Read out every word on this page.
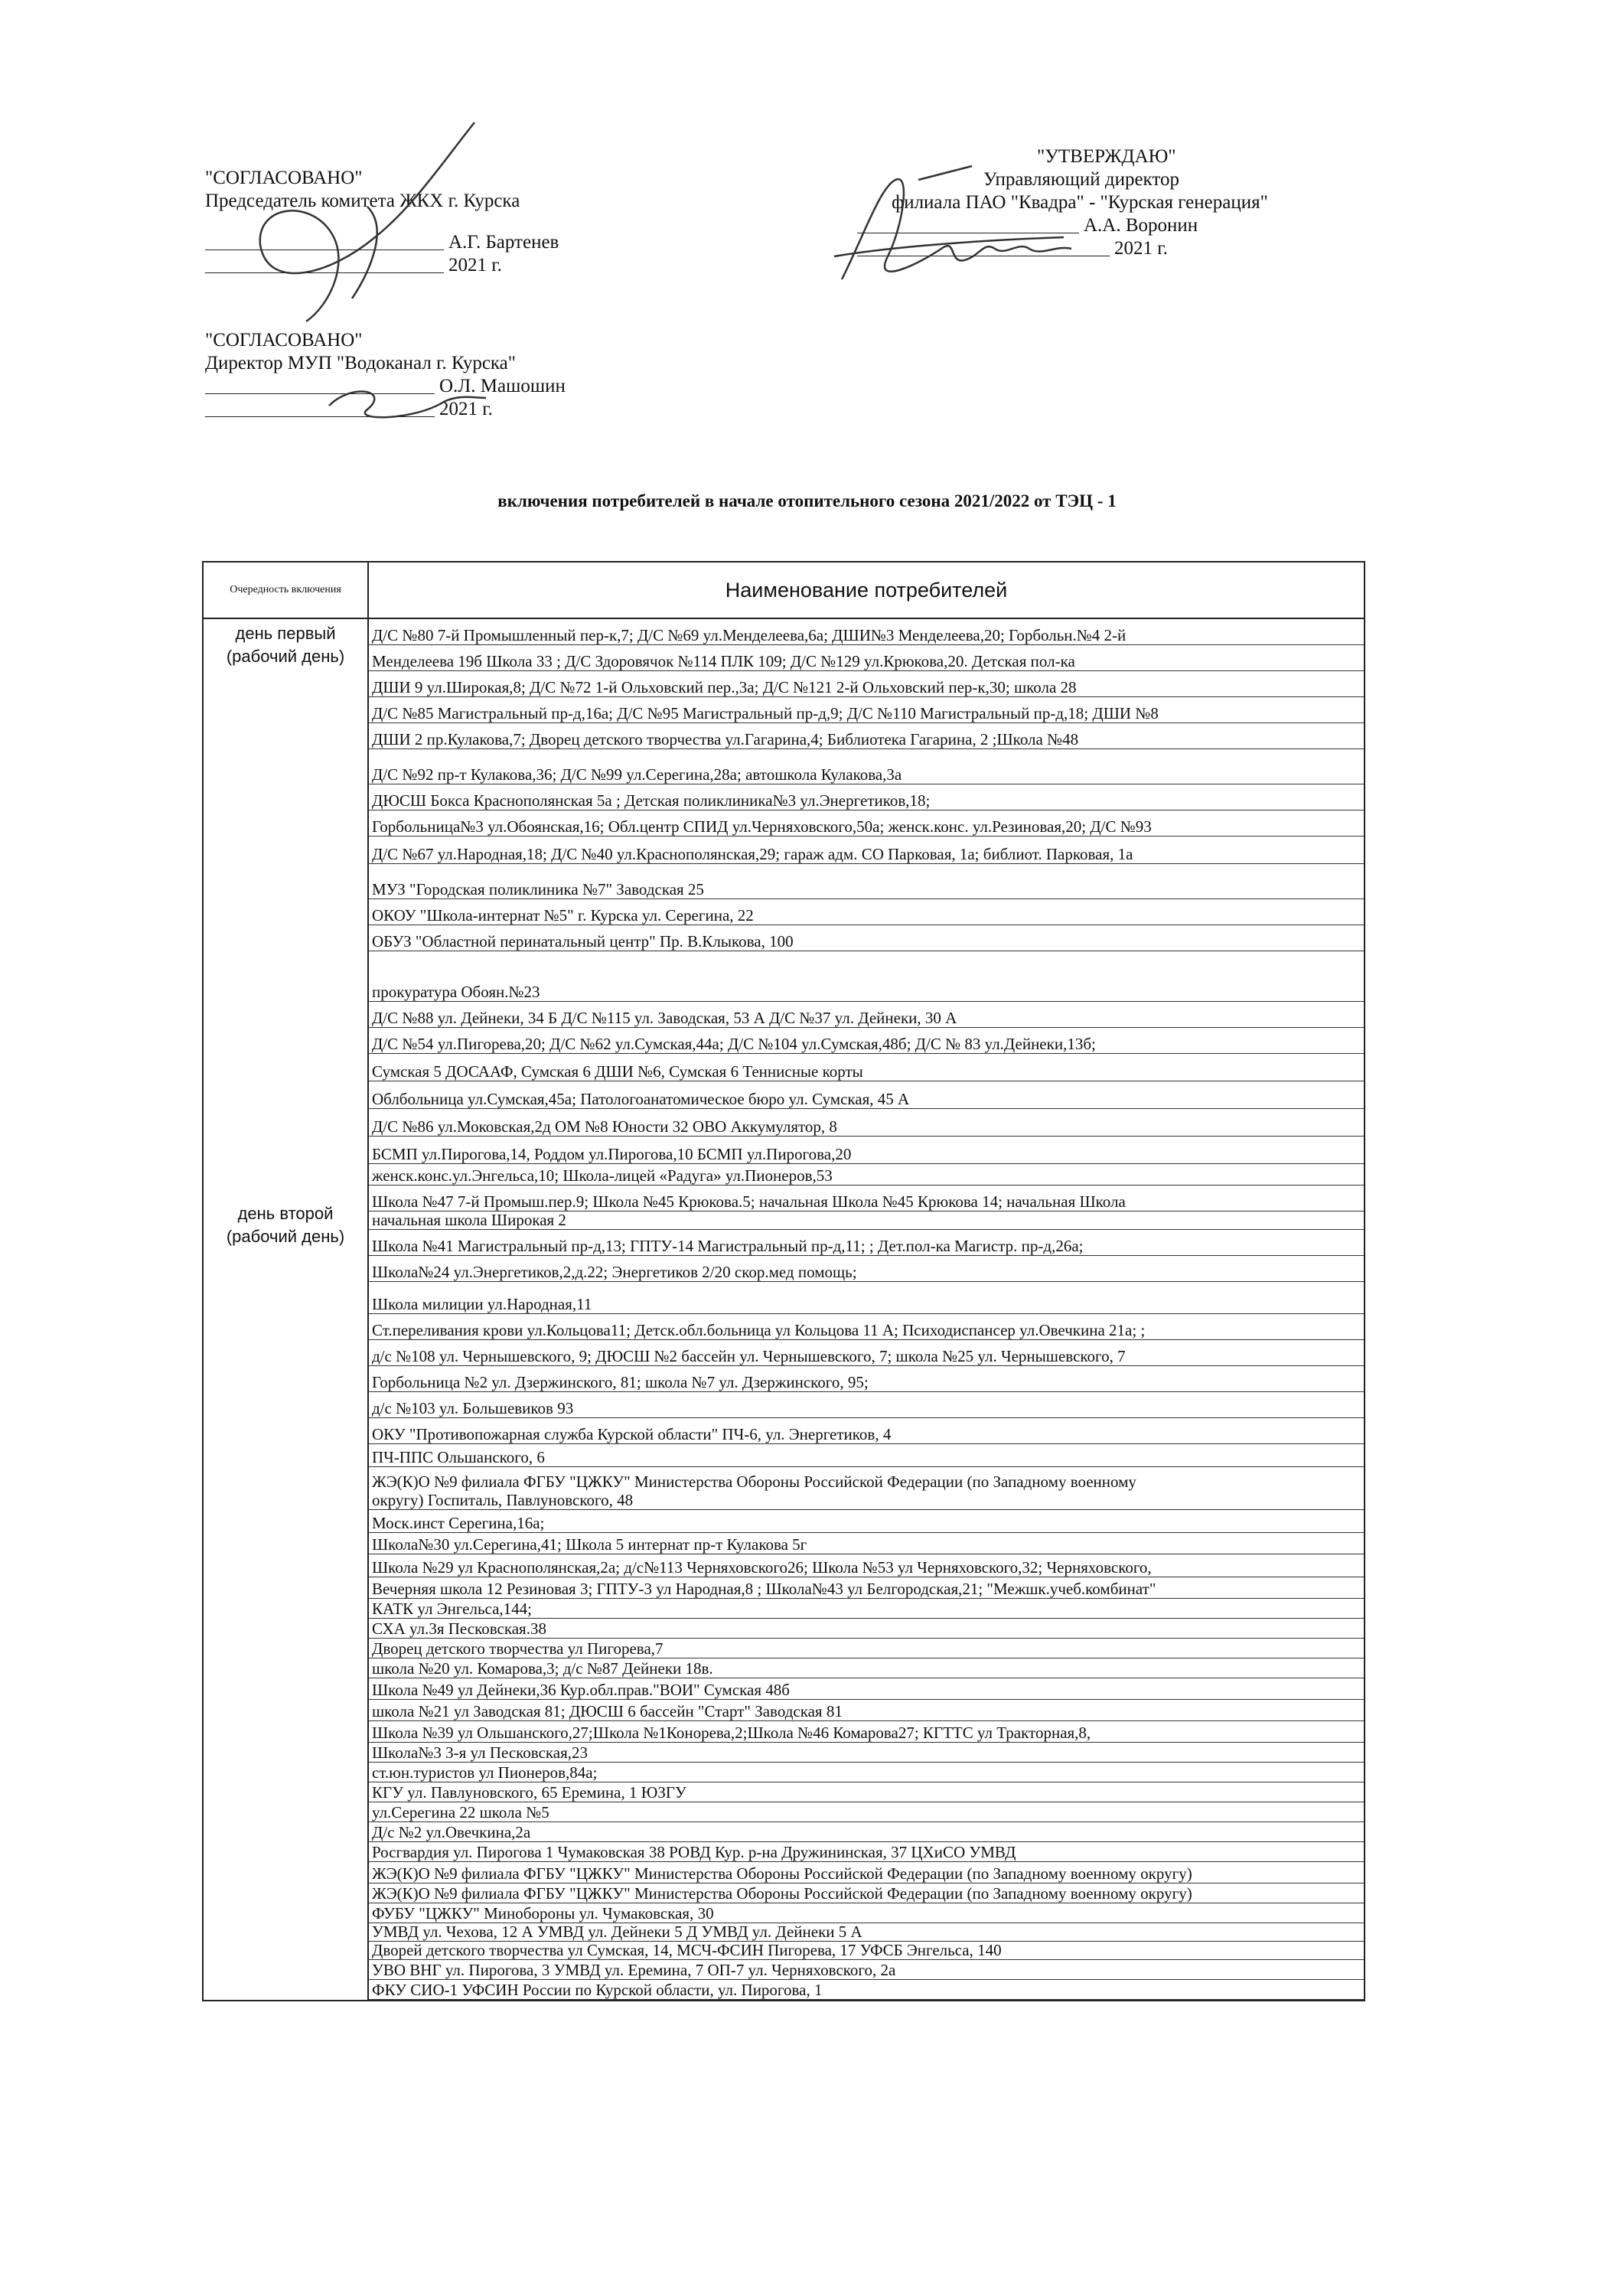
"СОГЛАСОВАНО"
Председатель комитета ЖКХ г. Курска
А.Г. Бартенев
2021 г.
"СОГЛАСОВАНО"
Директор МУП "Водоканал г. Курска"
О.Л. Машошин
2021 г.
"УТВЕРЖДАЮ"
Управляющий директор
филиала ПАО "Квадра" - "Курская генерация"
А.А. Воронин
2021 г.
включения потребителей в начале отопительного сезона 2021/2022 от ТЭЦ - 1
Очередность включения
день первый (рабочий день)
день второй (рабочий день)
Наименование потребителей
Д/С №80 7-й Промышленный пер-к,7; Д/С №69 ул.Менделеева,6а; ДШИ№3 Менделеева,20; Горбольн.№4 2-й
Менделеева 19б Школа 33 ; Д/С Здоровячок №114 ПЛК 109; Д/С №129 ул.Крюкова,20. Детская пол-ка
ДШИ 9 ул.Широкая,8; Д/С №72 1-й Ольховский пер.,3а; Д/С №121 2-й Ольховский пер-к,30; школа 28
Д/С №85 Магистральный пр-д,16а; Д/С №95 Магистральный пр-д,9; Д/С №110 Магистральный пр-д,18; ДШИ №8
ДШИ 2 пр.Кулакова,7; Дворец детского творчества ул.Гагарина,4; Библиотека Гагарина, 2 ;Школа №48
Д/С №92 пр-т Кулакова,36; Д/С №99 ул.Серегина,28а; автошкола Кулакова,3а
ДЮСШ Бокса Краснополянская 5а ; Детская поликлиника№3 ул.Энергетиков,18;
Горбольница№3 ул.Обоянская,16; Обл.центр СПИД ул.Черняховского,50а; женск.конс. ул.Резиновая,20; Д/С №93
Д/С №67 ул.Народная,18; Д/С №40 ул.Краснополянская,29; гараж адм. СО Парковая, 1а; библиот. Парковая, 1а
МУЗ "Городская поликлиника №7" Заводская 25
ОКОУ "Школа-интернат №5" г. Курска ул. Серегина, 22
ОБУЗ "Областной перинатальный центр" Пр. В.Клыкова, 100
прокуратура Обоян.№23
Д/С №88 ул. Дейнеки, 34 Б Д/С №115 ул. Заводская, 53 А Д/С №37 ул. Дейнеки, 30 А
Д/С №54 ул.Пигорева,20; Д/С №62 ул.Сумская,44а; Д/С №104 ул.Сумская,48б; Д/С № 83 ул.Дейнеки,13б;
Сумская 5 ДОСААФ, Сумская 6 ДШИ №6, Сумская 6 Теннисные корты
Облбольница ул.Сумская,45а; Патологоанатомическое бюро ул. Сумская, 45 А
Д/С №86 ул.Моковская,2д ОМ №8 Юности 32 ОВО Аккумулятор, 8
БСМП ул.Пирогова,14, Роддом ул.Пирогова,10 БСМП ул.Пирогова,20
женск.конс.ул.Энгельса,10; Школа-лицей «Радуга» ул.Пионеров,53
Школа №47 7-й Промыш.пер.9; Школа №45 Крюкова.5; начальная Школа №45 Крюкова 14; начальная Школа
начальная школа Широкая 2
Школа №41 Магистральный пр-д,13; ГПТУ-14 Магистральный пр-д,11; ; Дет.пол-ка Магистр. пр-д,26а;
Школа№24 ул.Энергетиков,2,д.22; Энергетиков 2/20 скор.мед помощь;
Школа милиции ул.Народная,11
Ст.переливания крови ул.Кольцова11; Детск.обл.больница ул Кольцова 11 А; Психодиспансер ул.Овечкина 21а; ;
д/с №108 ул. Чернышевского, 9; ДЮСШ №2 бассейн ул. Чернышевского, 7; школа №25 ул. Чернышевского, 7
Горбольница №2 ул. Дзержинского, 81; школа №7 ул. Дзержинского, 95;
д/с №103 ул. Большевиков 93
ОКУ "Противопожарная служба Курской области" ПЧ-6, ул. Энергетиков, 4
ПЧ-ППС Ольшанского, 6
ЖЭ(К)О №9 филиала ФГБУ "ЦЖКУ" Министерства Обороны Российской Федерации (по Западному военному
округу) Госпиталь, Павлуновского, 48
Моск.инст Серегина,16а;
Школа№30 ул.Серегина,41; Школа 5 интернат пр-т Кулакова 5г
Школа №29 ул Краснополянская,2а; д/с№113 Черняховского26; Школа №53 ул Черняховского,32; Черняховского,
Вечерняя школа 12 Резиновая 3; ГПТУ-3 ул Народная,8 ; Школа№43 ул Белгородская,21; "Межшк.учеб.комбинат"
КАТК ул Энгельса,144;
СХА ул.3я Песковская.38
Дворец детского творчества ул Пигорева,7
школа №20 ул. Комарова,3; д/с №87 Дейнеки 18в.
Школа №49 ул Дейнеки,36 Кур.обл.прав."ВОИ" Сумская 48б
школа №21 ул Заводская 81; ДЮСШ 6 бассейн "Старт" Заводская 81
Школа №39 ул Ольшанского,27;Школа №1Конорева,2;Школа №46 Комарова27; КГТТС ул Тракторная,8,
Школа№3 3-я ул Песковская,23
ст.юн.туристов ул Пионеров,84а;
КГУ ул. Павлуновского, 65 Еремина, 1 ЮЗГУ
ул.Серегина 22 школа №5
Д/с №2 ул.Овечкина,2а
Росгвардия ул. Пирогова 1 Чумаковская 38 РОВД Кур. р-на Дружининская, 37 ЦХиСО УМВД
ЖЭ(К)О №9 филиала ФГБУ "ЦЖКУ" Министерства Обороны Российской Федерации (по Западному военному округу)
ЖЭ(К)О №9 филиала ФГБУ "ЦЖКУ" Министерства Обороны Российской Федерации (по Западному военному округу)
ФУБУ "ЦЖКУ" Минобороны ул. Чумаковская, 30
УМВД ул. Чехова, 12 А УМВД ул. Дейнеки 5 Д УМВД ул. Дейнеки 5 А
Дворей детского творчества ул Сумская, 14, МСЧ-ФСИН Пигорева, 17 УФСБ Энгельса, 140
УВО ВНГ ул. Пирогова, 3 УМВД ул. Еремина, 7 ОП-7 ул. Черняховского, 2а
ФКУ СИО-1 УФСИН России по Курской области, ул. Пирогова, 1
